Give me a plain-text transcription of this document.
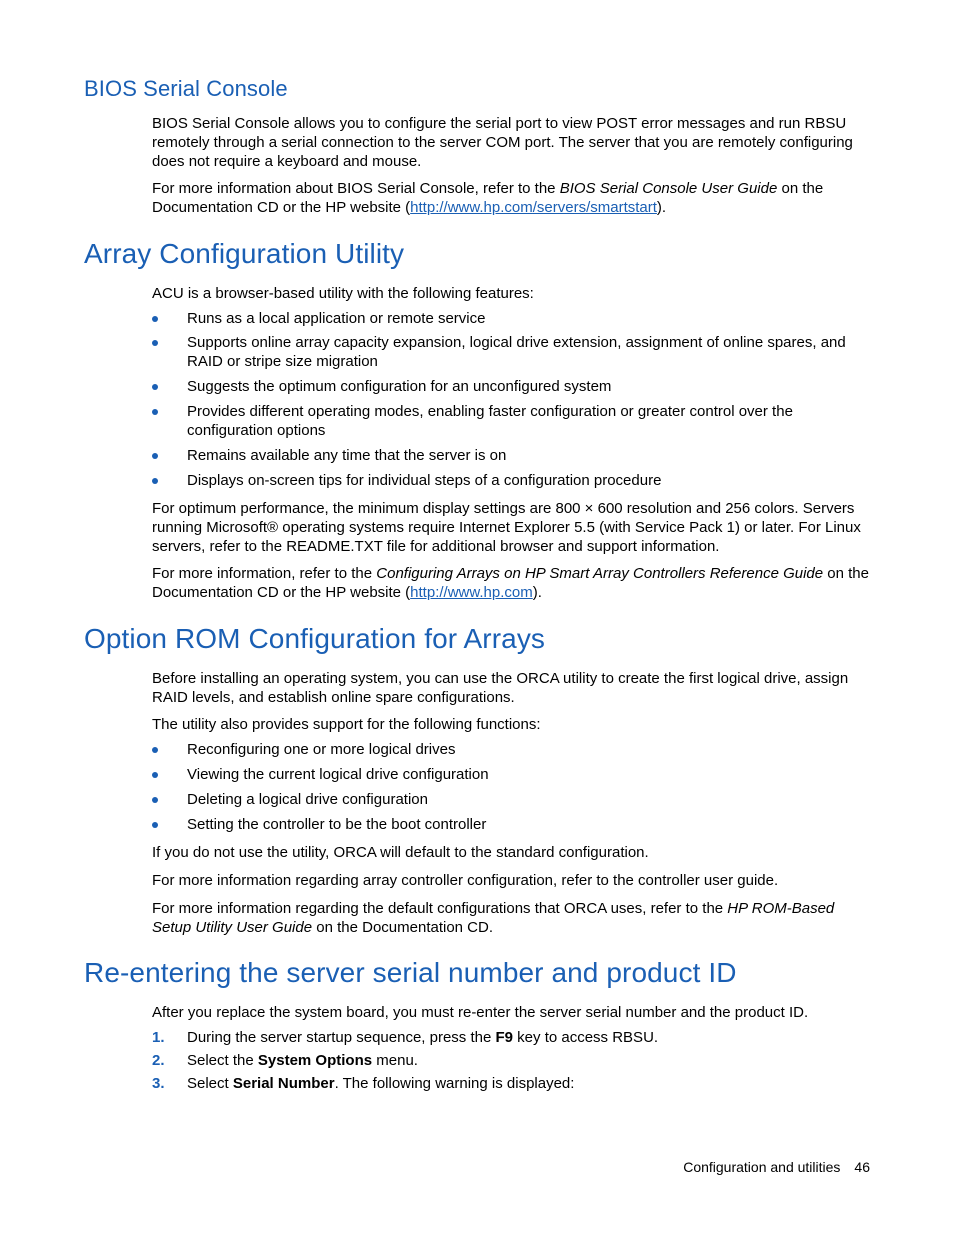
BIOS Serial Console

BIOS Serial Console allows you to configure the serial port to view POST error messages and run RBSU remotely through a serial connection to the server COM port. The server that you are remotely configuring does not require a keyboard and mouse.

For more information about BIOS Serial Console, refer to the BIOS Serial Console User Guide on the Documentation CD or the HP website (http://www.hp.com/servers/smartstart).

Array Configuration Utility

ACU is a browser-based utility with the following features:

Runs as a local application or remote service
Supports online array capacity expansion, logical drive extension, assignment of online spares, and RAID or stripe size migration
Suggests the optimum configuration for an unconfigured system
Provides different operating modes, enabling faster configuration or greater control over the configuration options
Remains available any time that the server is on
Displays on-screen tips for individual steps of a configuration procedure

For optimum performance, the minimum display settings are 800 × 600 resolution and 256 colors. Servers running Microsoft® operating systems require Internet Explorer 5.5 (with Service Pack 1) or later. For Linux servers, refer to the README.TXT file for additional browser and support information.

For more information, refer to the Configuring Arrays on HP Smart Array Controllers Reference Guide on the Documentation CD or the HP website (http://www.hp.com).

Option ROM Configuration for Arrays

Before installing an operating system, you can use the ORCA utility to create the first logical drive, assign RAID levels, and establish online spare configurations.

The utility also provides support for the following functions:

Reconfiguring one or more logical drives
Viewing the current logical drive configuration
Deleting a logical drive configuration
Setting the controller to be the boot controller

If you do not use the utility, ORCA will default to the standard configuration.

For more information regarding array controller configuration, refer to the controller user guide.

For more information regarding the default configurations that ORCA uses, refer to the HP ROM-Based Setup Utility User Guide on the Documentation CD.

Re-entering the server serial number and product ID

After you replace the system board, you must re-enter the server serial number and the product ID.

1. During the server startup sequence, press the F9 key to access RBSU.
2. Select the System Options menu.
3. Select Serial Number. The following warning is displayed:
Configuration and utilities 46
